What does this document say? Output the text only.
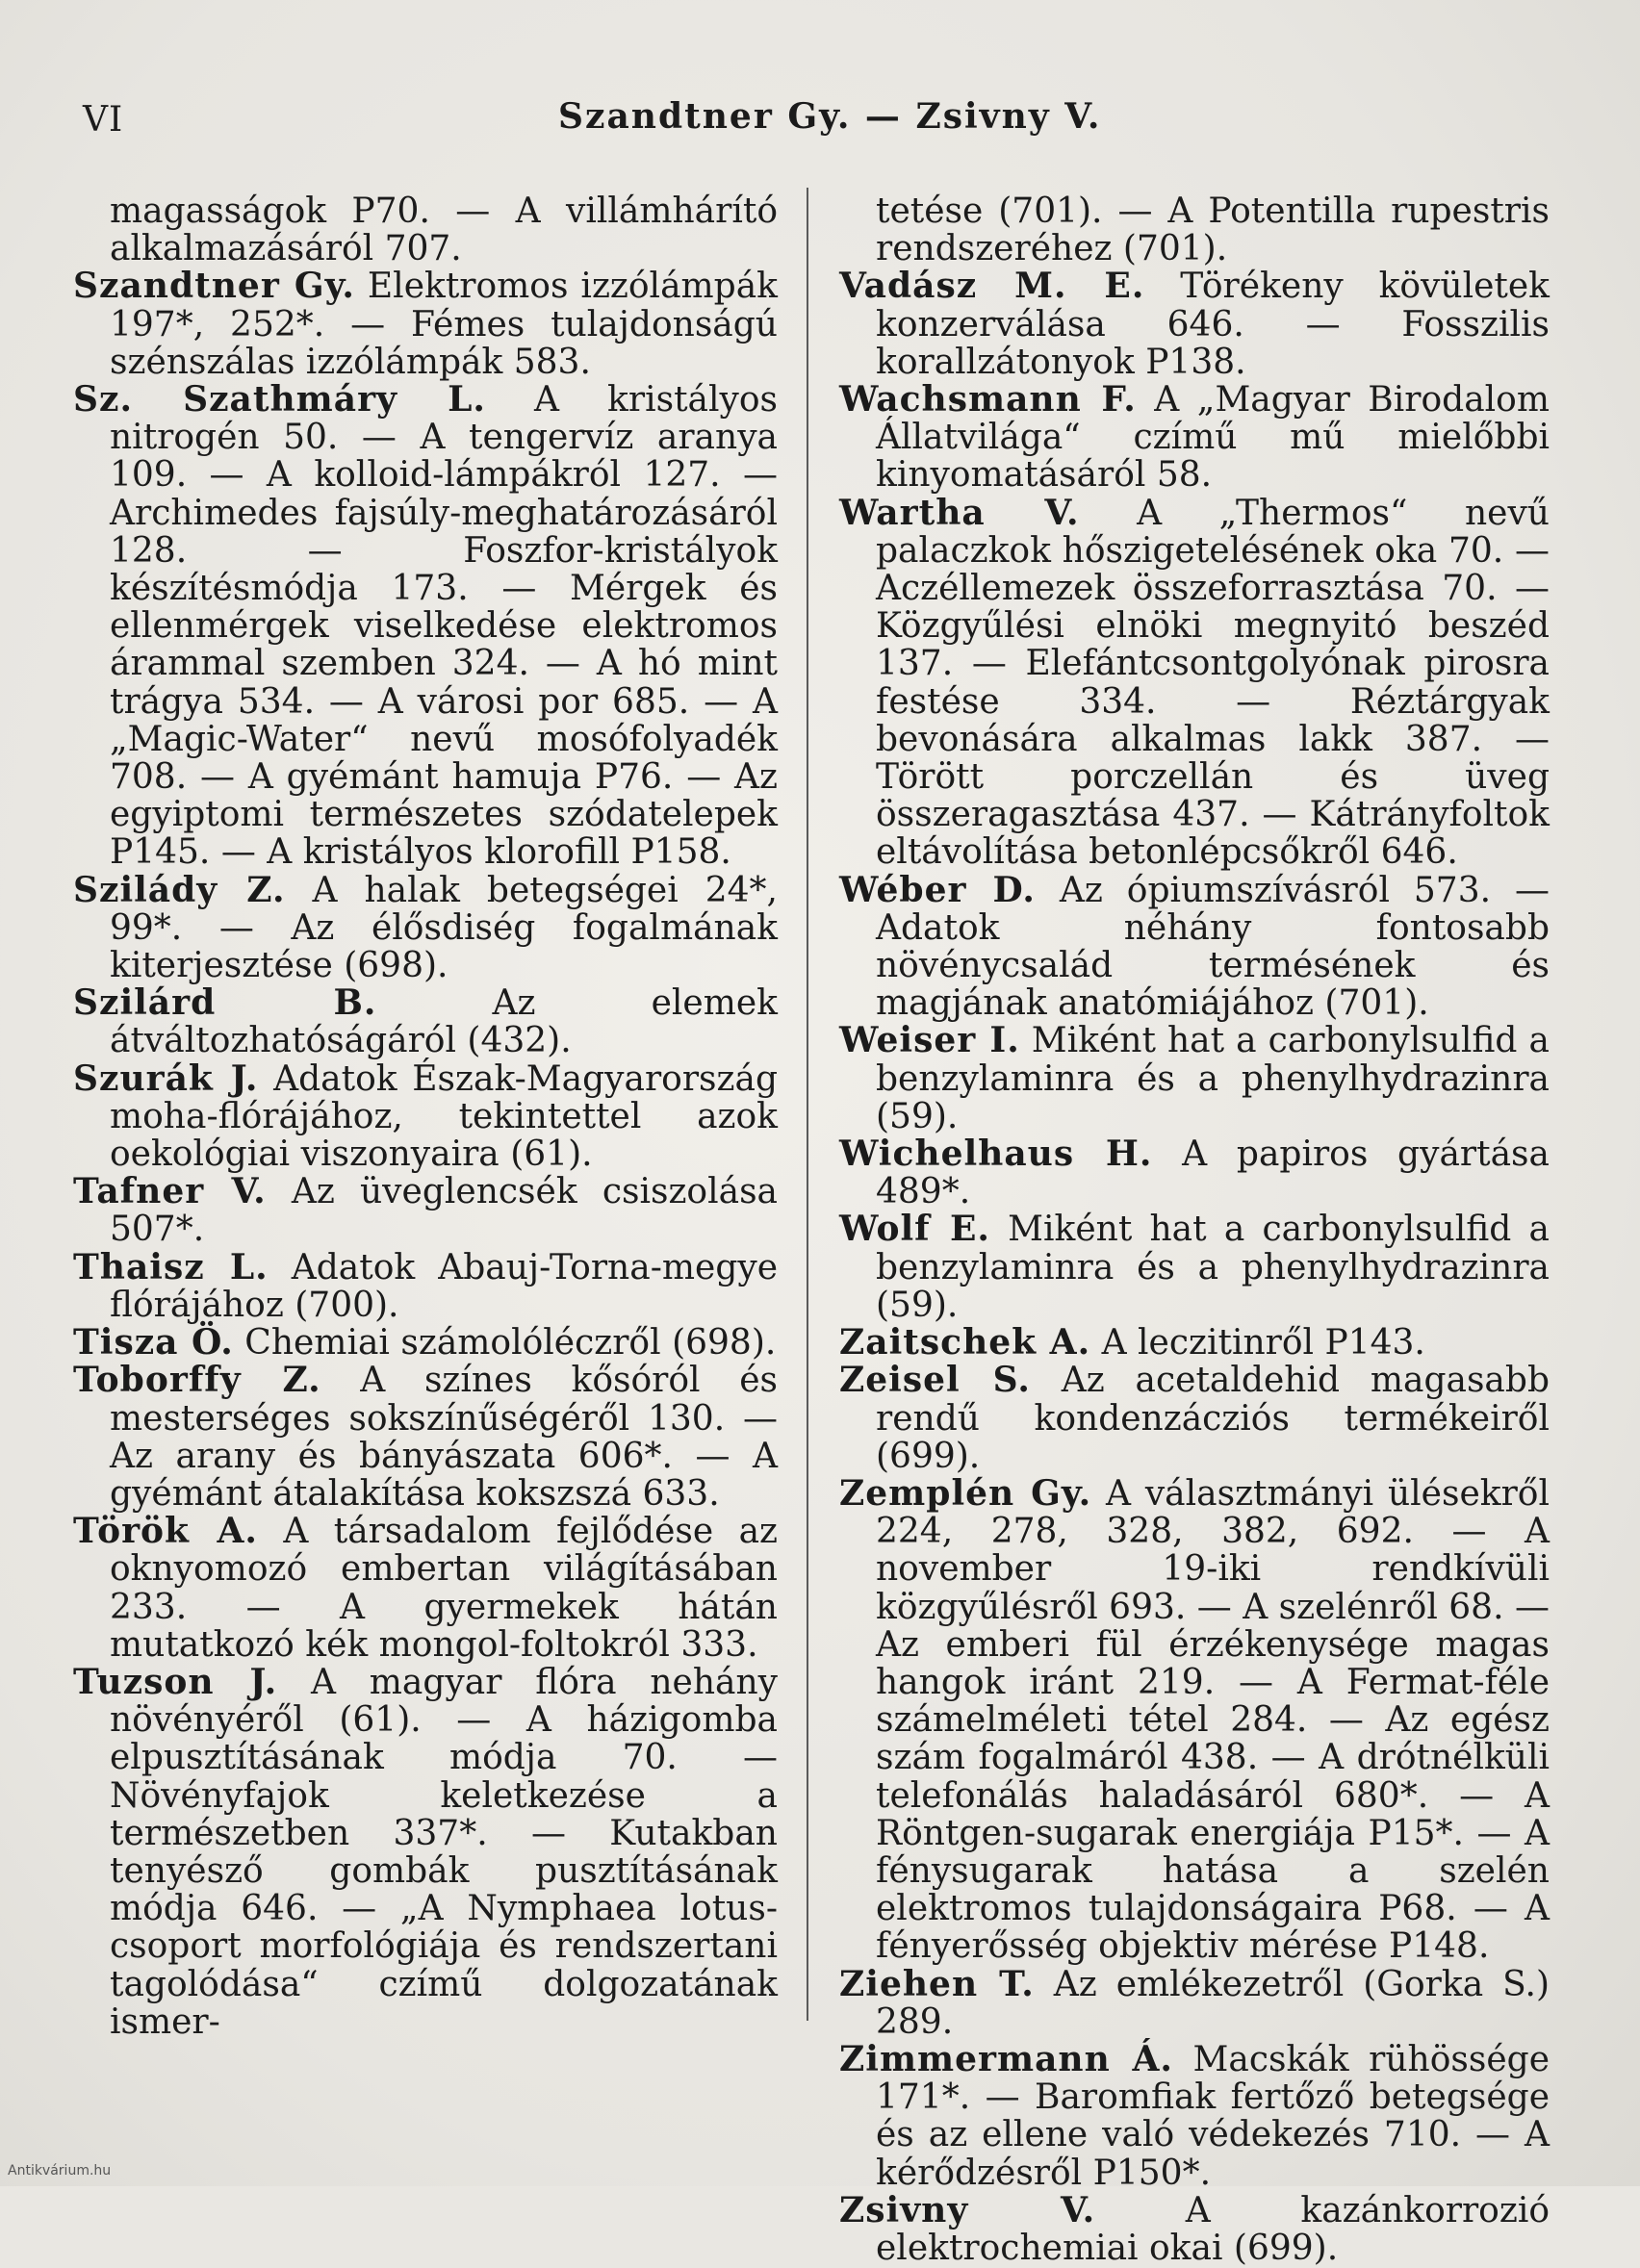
VI	Szandtner Gy. — Zsivny V.

magasságok P70. — A villámhárító alkalmazásáról 707.

Szandtner Gy. Elektromos izzólámpák 197*, 252*. — Fémes tulajdonságú szénszálas izzólámpák 583.

Sz. Szathmáry L. A kristályos nitrogén 50. — A tengervíz aranya 109. — A kolloid-lámpákról 127. — Archimedes fajsúly-meghatározásáról 128. — Foszfor-kristályok készítésmódja 173. — Mérgek és ellenmérgek viselkedése elektromos árammal szemben 324. — A hó mint trágya 534. — A városi por 685. — A „Magic-Water“ nevű mosófolyadék 708. — A gyémánt hamuja P76. — Az egyiptomi természetes szódatelepek P145. — A kristályos klorofill P158.

Szilády Z. A halak betegségei 24*, 99*. — Az élősdiség fogalmának kiterjesztése (698).

Szilárd B. Az elemek átváltozhatóságáról (432).

Szurák J. Adatok Észak-Magyarország moha-flórájához, tekintettel azok oekológiai viszonyaira (61).

Tafner V. Az üveglencsék csiszolása 507*.

Thaisz L. Adatok Abauj-Torna-megye flórájához (700).

Tisza Ö. Chemiai számolóléczről (698).

Toborffy Z. A színes kősóról és mesterséges sokszínűségéről 130. — Az arany és bányászata 606*. — A gyémánt átalakítása kokszszá 633.

Török A. A társadalom fejlődése az oknyomozó embertan világításában 233. — A gyermekek hátán mutatkozó kék mongol-foltokról 333.

Tuzson J. A magyar flóra nehány növényéről (61). — A házigomba elpusztításának módja 70. — Növényfajok keletkezése a természetben 337*. — Kutakban tenyésző gombák pusztításának módja 646. — „A Nymphaea lotus-csoport morfológiája és rendszertani tagolódása“ czímű dolgozatának ismer-

tetése (701). — A Potentilla rupestris rendszeréhez (701).

Vadász M. E. Törékeny kövületek konzerválása 646. — Fosszilis korallzátonyok P138.

Wachsmann F. A „Magyar Birodalom Állatvilága“ czímű mű mielőbbi kinyomatásáról 58.

Wartha V. A „Thermos“ nevű palaczkok hőszigetelésének oka 70. — Aczéllemezek összeforrasztása 70. — Közgyűlési elnöki megnyitó beszéd 137. — Elefántcsontgolyónak pirosra festése 334. — Réztárgyak bevonására alkalmas lakk 387. — Törött porczellán és üveg összeragasztása 437. — Kátrányfoltok eltávolítása betonlépcsőkről 646.

Wéber D. Az ópiumszívásról 573. — Adatok néhány fontosabb növénycsalád termésének és magjának anatómiájához (701).

Weiser I. Miként hat a carbonylsulfid a benzylaminra és a phenylhydrazinra (59).

Wichelhaus H. A papiros gyártása 489*.

Wolf E. Miként hat a carbonylsulfid a benzylaminra és a phenylhydrazinra (59).

Zaitschek A. A leczitinről P143.

Zeisel S. Az acetaldehid magasabb rendű kondenzácziós termékeiről (699).

Zemplén Gy. A választmányi ülésekről 224, 278, 328, 382, 692. — A november 19-iki rendkívüli közgyűlésről 693. — A szelénről 68. — Az emberi fül érzékenysége magas hangok iránt 219. — A Fermat-féle számelméleti tétel 284. — Az egész szám fogalmáról 438. — A drótnélküli telefonálás haladásáról 680*. — A Röntgen-sugarak energiája P15*. — A fénysugarak hatása a szelén elektromos tulajdonságaira P68. — A fényerősség objektiv mérése P148.

Ziehen T. Az emlékezetről (Gorka S.) 289.

Zimmermann Á. Macskák rühössége 171*. — Baromfiak fertőző betegsége és az ellene való védekezés 710. — A kérődzésről P150*.

Zsivny V. A kazánkorrozió elektrochemiai okai (699).

Antikvárium.hu
